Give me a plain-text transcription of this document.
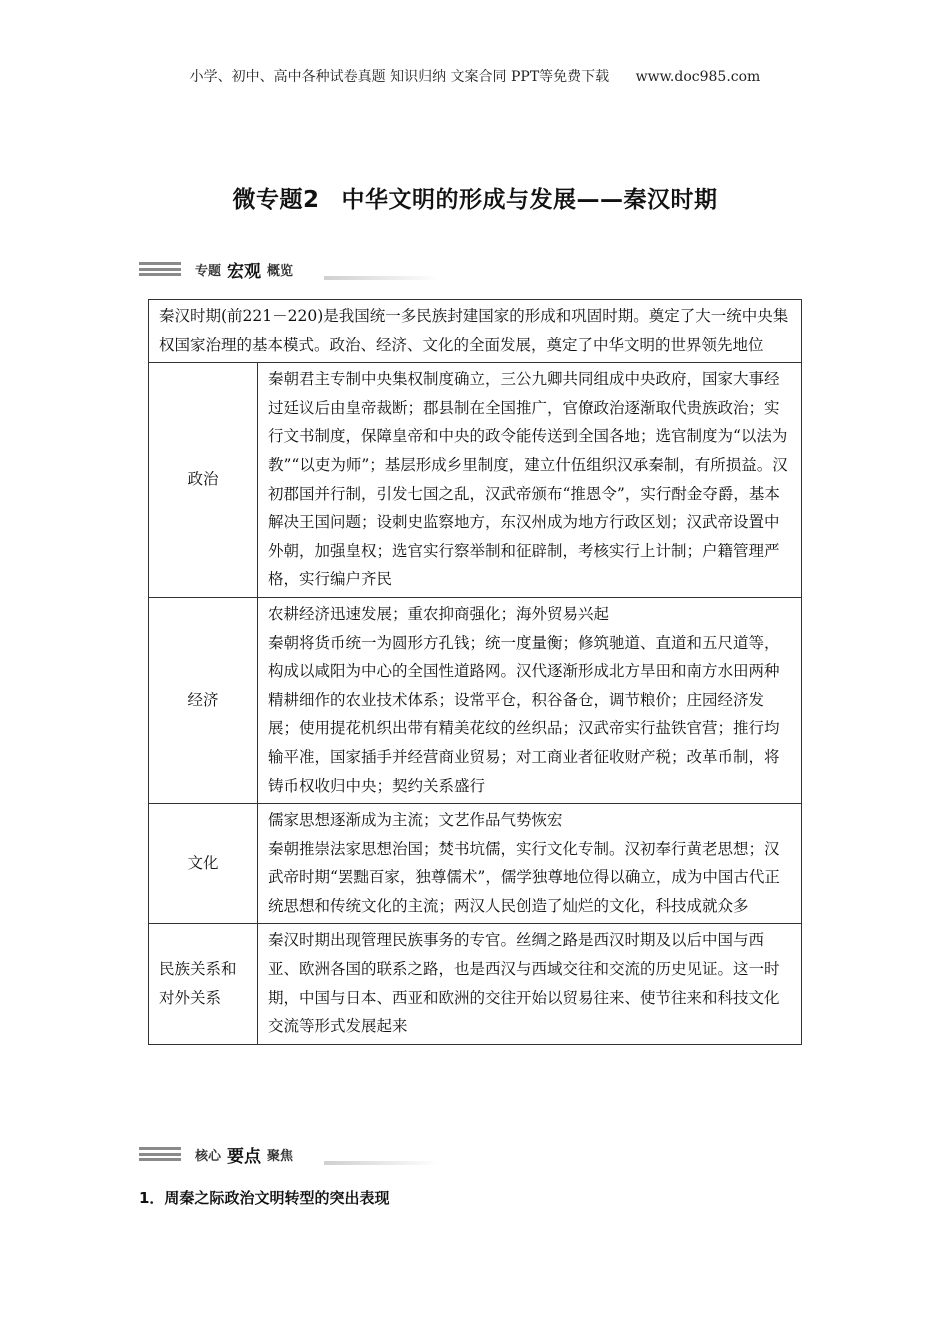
小学、初中、高中各种试卷真题 知识归纳 文案合同 PPT等免费下载 www.doc985.com
微专题2 中华文明的形成与发展——秦汉时期
专题 宏观 概览
秦汉时期(前221－220)是我国统一多民族封建国家的形成和巩固时期。奠定了大一统中央集权国家治理的基本模式。政治、经济、文化的全面发展，奠定了中华文明的世界领先地位	
政治	秦朝君主专制中央集权制度确立，三公九卿共同组成中央政府，国家大事经过廷议后由皇帝裁断；郡县制在全国推广，官僚政治逐渐取代贵族政治；实行文书制度，保障皇帝和中央的政令能传送到全国各地；选官制度为“以法为教”“以吏为师”；基层形成乡里制度，建立什伍组织汉承秦制，有所损益。汉初郡国并行制，引发七国之乱，汉武帝颁布“推恩令”，实行酎金夺爵，基本解决王国问题；设刺史监察地方，东汉州成为地方行政区划；汉武帝设置中外朝，加强皇权；选官实行察举制和征辟制，考核实行上计制；户籍管理严格，实行编户齐民

经济	农耕经济迅速发展；重农抑商强化；海外贸易兴起
秦朝将货币统一为圆形方孔钱；统一度量衡；修筑驰道、直道和五尺道等，构成以咸阳为中心的全国性道路网。汉代逐渐形成北方旱田和南方水田两种精耕细作的农业技术体系；设常平仓，积谷备仓，调节粮价；庄园经济发展；使用提花机织出带有精美花纹的丝织品；汉武帝实行盐铁官营；推行均输平准，国家插手并经营商业贸易；对工商业者征收财产税；改革币制，将铸币权收归中央；契约关系盛行

文化	儒家思想逐渐成为主流；文艺作品气势恢宏
秦朝推崇法家思想治国；焚书坑儒，实行文化专制。汉初奉行黄老思想；汉武帝时期“罢黜百家，独尊儒术”，儒学独尊地位得以确立，成为中国古代正统思想和传统文化的主流；两汉人民创造了灿烂的文化，科技成就众多

民族关系和对外关系	秦汉时期出现管理民族事务的专官。丝绸之路是西汉时期及以后中国与西亚、欧洲各国的联系之路，也是西汉与西域交往和交流的历史见证。这一时期，中国与日本、西亚和欧洲的交往开始以贸易往来、使节往来和科技文化交流等形式发展起来
核心 要点 聚焦
1．周秦之际政治文明转型的突出表现
